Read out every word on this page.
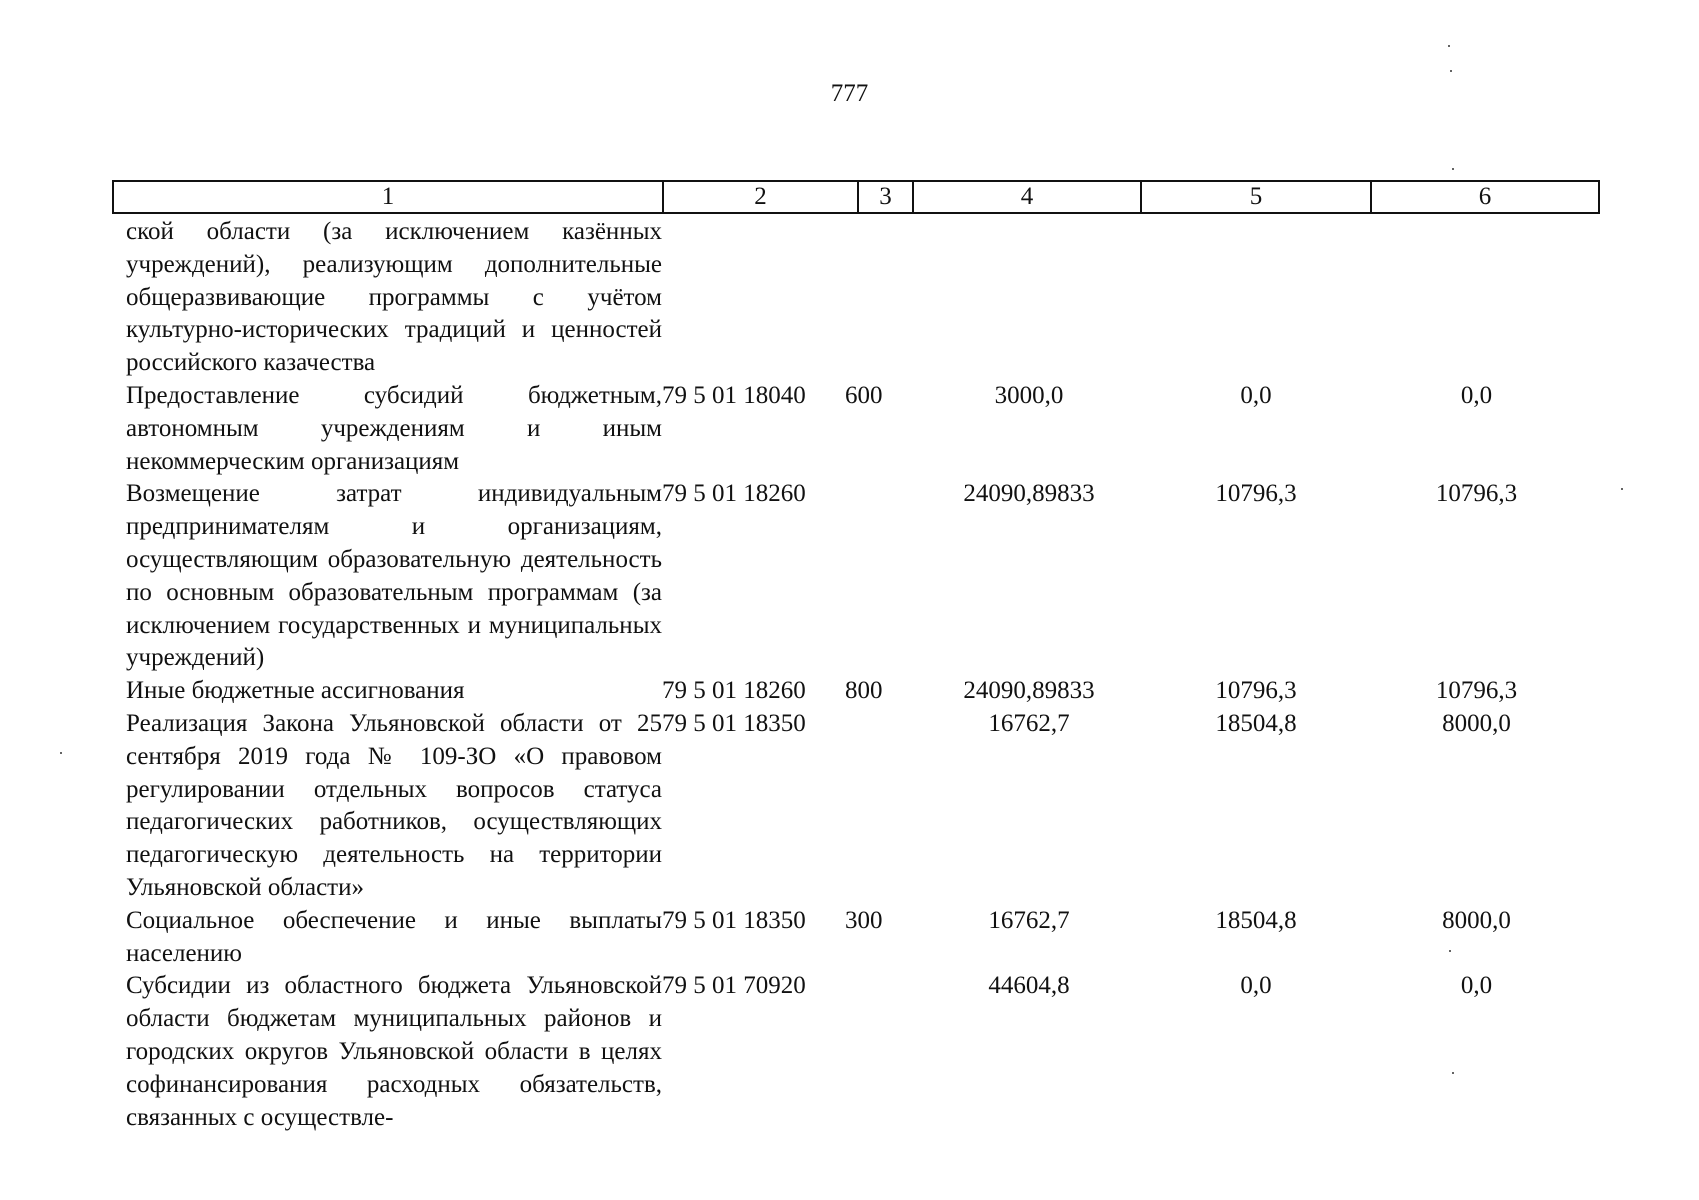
777
1	2	3	4	5	6
ской области (за исключением казённых учреждений), реализующим дополнительные общеразвивающие программы с учётом культурно-исторических традиций и ценностей российского казачества					
Предоставление субсидий бюджетным, автономным учреждениям и иным некоммерческим организациям	79 5 01 18040	600	3000,0	0,0	0,0
Возмещение затрат индивидуальным предпринимателям и организациям, осуществляющим образовательную деятельность по основным образовательным программам (за исключением государственных и муниципальных учреждений)	79 5 01 18260		24090,89833	10796,3	10796,3
Иные бюджетные ассигнования	79 5 01 18260	800	24090,89833	10796,3	10796,3
Реализация Закона Ульяновской области от 25 сентября 2019 года № 109-ЗО «О правовом регулировании отдельных вопросов статуса педагогических работников, осуществляющих педагогическую деятельность на территории Ульяновской области»	79 5 01 18350		16762,7	18504,8	8000,0
Социальное обеспечение и иные выплаты населению	79 5 01 18350	300	16762,7	18504,8	8000,0
Субсидии из областного бюджета Ульяновской области бюджетам муниципальных районов и городских округов Ульяновской области в целях софинансирования расходных обязательств, связанных с осуществле-	79 5 01 70920		44604,8	0,0	0,0
